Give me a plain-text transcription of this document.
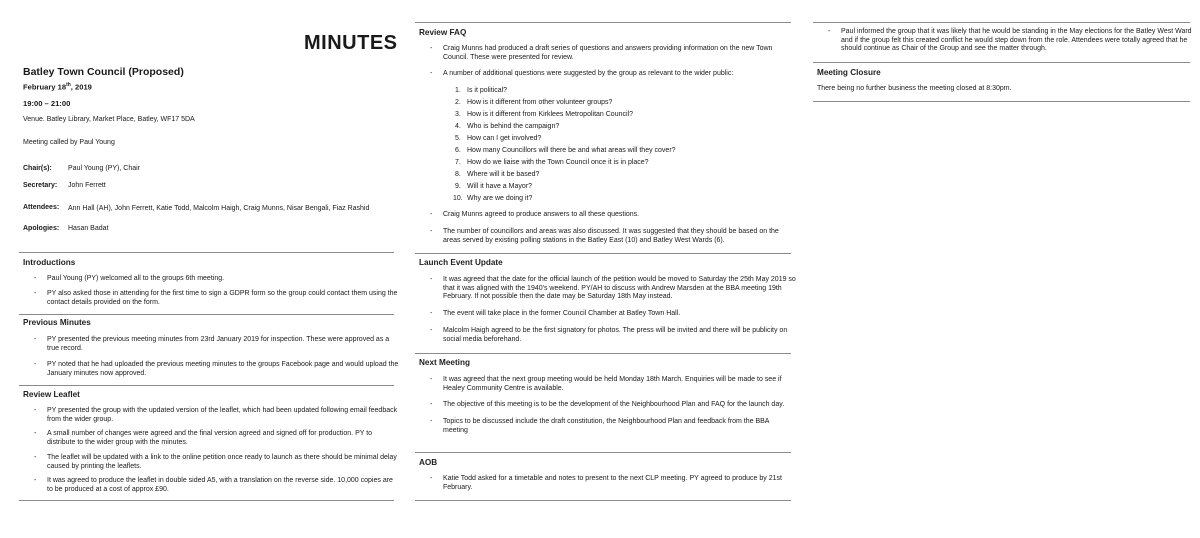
MINUTES
Batley Town Council (Proposed)
February 18th, 2019
19:00 – 21:00
Venue. Batley Library, Market Place, Batley, WF17 5DA
Meeting called by Paul Young
Chair(s): Paul Young (PY), Chair
Secretary: John Ferrett
Attendees: Ann Hall (AH), John Ferrett, Katie Todd, Malcolm Haigh, Craig Munns, Nisar Bengali, Fiaz Rashid
Apologies: Hasan Badat
Introductions
- Paul Young (PY) welcomed all to the groups 6th meeting.
- PY also asked those in attending for the first time to sign a GDPR form so the group could contact them using the
contact details provided on the form.
Previous Minutes
- PY presented the previous meeting minutes from 23rd January 2019 for inspection. These were approved as a
true record.
- PY noted that he had uploaded the previous meeting minutes to the groups Facebook page and would upload the
January minutes now approved.
Review Leaflet
- PY presented the group with the updated version of the leaflet, which had been updated following email feedback
from the wider group.
- A small number of changes were agreed and the final version agreed and signed off for production. PY to
distribute to the wider group with the minutes.
- The leaflet will be updated with a link to the online petition once ready to launch as there should be minimal delay
caused by printing the leaflets.
- It was agreed to produce the leaflet in double sided A5, with a translation on the reverse side. 10,000 copies are
to be produced at a cost of approx £90.
Review FAQ
- Craig Munns had produced a draft series of questions and answers providing information on the new Town
Council. These were presented for review.
- A number of additional questions were suggested by the group as relevant to the wider public:
1. Is it political?
2. How is it different from other volunteer groups?
3. How is it different from Kirklees Metropolitan Council?
4. Who is behind the campaign?
5. How can I get involved?
6. How many Councillors will there be and what areas will they cover?
7. How do we liaise with the Town Council once it is in place?
8. Where will it be based?
9. Will it have a Mayor?
10. Why are we doing it?
- Craig Munns agreed to produce answers to all these questions.
- The number of councillors and areas was also discussed. It was suggested that they should be based on the
areas served by existing polling stations in the Batley East (10) and Batley West Wards (6).
Launch Event Update
- It was agreed that the date for the official launch of the petition would be moved to Saturday the 25th May 2019 so
that it was aligned with the 1940's weekend. PY/AH to discuss with Andrew Marsden at the BBA meeting 19th
February. If not possible then the date may be Saturday 18th May instead.
- The event will take place in the former Council Chamber at Batley Town Hall.
- Malcolm Haigh agreed to be the first signatory for photos. The press will be invited and there will be publicity on
social media beforehand.
Next Meeting
- It was agreed that the next group meeting would be held Monday 18th March. Enquiries will be made to see if
Healey Community Centre is available.
- The objective of this meeting is to be the development of the Neighbourhood Plan and FAQ for the launch day.
- Topics to be discussed include the draft constitution, the Neighbourhood Plan and feedback from the BBA
meeting
AOB
- Katie Todd asked for a timetable and notes to present to the next CLP meeting. PY agreed to produce by 21st
February.
- Paul informed the group that it was likely that he would be standing in the May elections for the Batley West Ward
and if the group felt this created conflict he would step down from the role. Attendees were totally agreed that he
should continue as Chair of the Group and see the matter through.
Meeting Closure
There being no further business the meeting closed at 8:30pm.
